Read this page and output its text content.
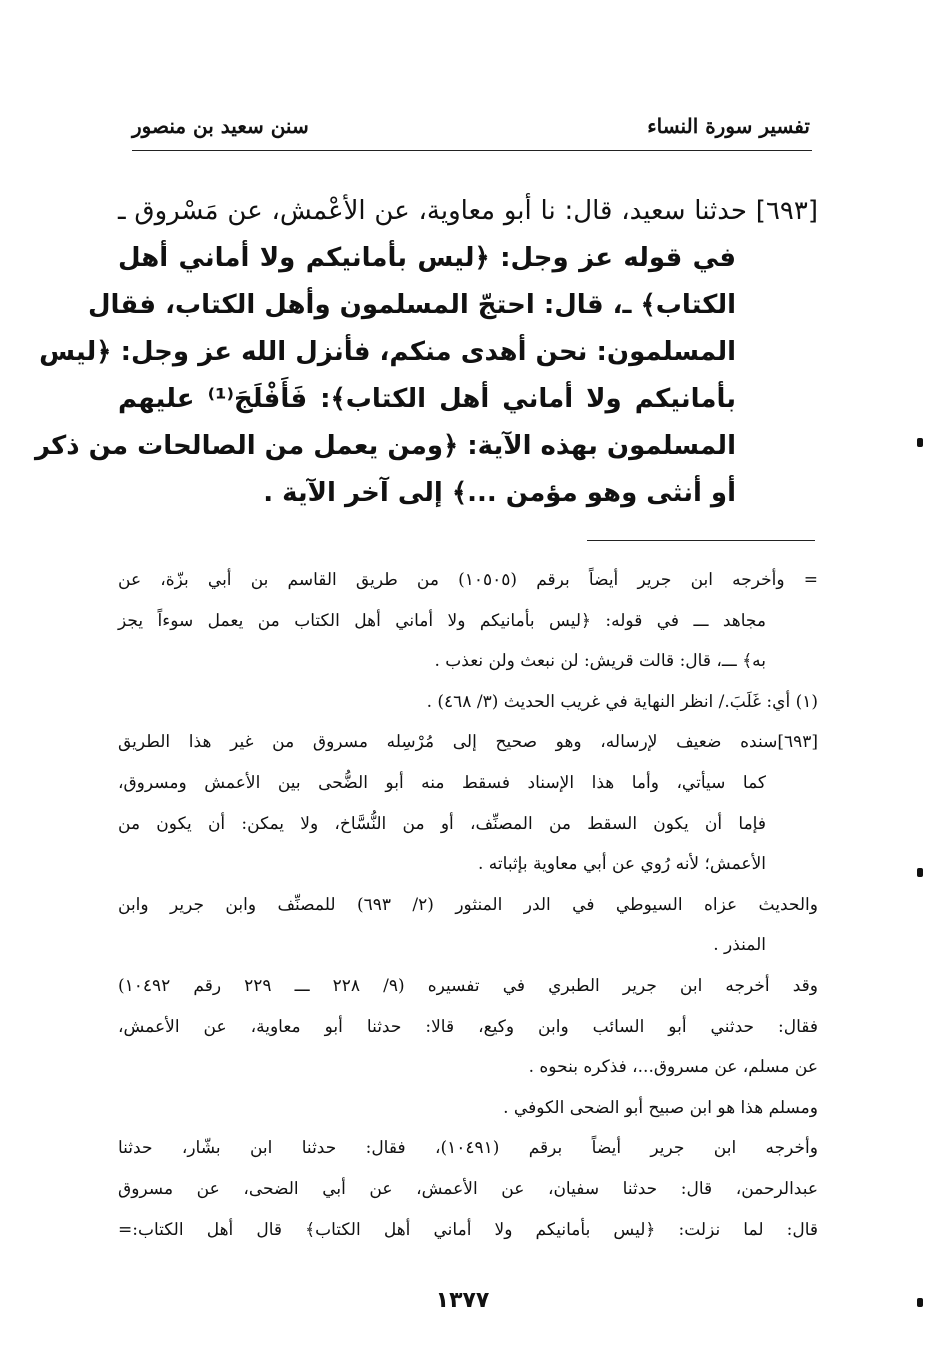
تفسير سورة النساء
سنن سعيد بن منصور
[٦٩٣] حدثنا سعيد، قال: نا أبو معاوية، عن الأعْمش، عن مَسْروق ـ
في قوله عز وجل: ﴿ليس بأمانيكم ولا أماني أهل
الكتاب﴾ ـ، قال: احتجّ المسلمون وأهل الكتاب، فقال
المسلمون: نحن أهدى منكم، فأنزل الله عز وجل: ﴿ليس
بأمانيكم ولا أماني أهل الكتاب﴾: فَأَفْلَجَ⁽¹⁾ عليهم
المسلمون بهذه الآية: ﴿ومن يعمل من الصالحات من ذكر
أو أنثى وهو مؤمن ...﴾ إلى آخر الآية .
= وأخرجه ابن جرير أيضاً برقم (١٠٥٠٥) من طريق القاسم بن أبي بزّة، عن
مجاهد ـــ في قوله: ﴿ليس بأمانيكم ولا أماني أهل الكتاب من يعمل سوءاً يجز
به﴾ ـــ، قال: قالت قريش: لن نبعث ولن نعذب .
(١) أي: غَلَبَ./ انظر النهاية في غريب الحديث (٣/ ٤٦٨) .
[٦٩٣]سنده ضعيف لإرساله، وهو صحيح إلى مُرْسِله مسروق من غير هذا الطريق
كما سيأتي، وأما هذا الإسناد فسقط منه أبو الضُّحى بين الأعمش ومسروق،
فإما أن يكون السقط من المصنِّف، أو من النُّسَّاخ، ولا يمكن: أن يكون من
الأعمش؛ لأنه رُوي عن أبي معاوية بإثباته .
والحديث عزاه السيوطي في الدر المنثور (٢/ ٦٩٣) للمصنِّف وابن جرير وابن
المنذر .
وقد أخرجه ابن جرير الطبري في تفسيره (٩/ ٢٢٨ ـــ ٢٢٩ رقم ١٠٤٩٢)
فقال: حدثني أبو السائب وابن وكيع، قالا: حدثنا أبو معاوية، عن الأعمش،
عن مسلم، عن مسروق...، فذكره بنحوه .
ومسلم هذا هو ابن صبيح أبو الضحى الكوفي .
وأخرجه ابن جرير أيضاً برقم (١٠٤٩١)، فقال: حدثنا ابن بشّار، حدثنا
عبدالرحمن، قال: حدثنا سفيان، عن الأعمش، عن أبي الضحى، عن مسروق
قال: لما نزلت: ﴿ليس بأمانيكم ولا أماني أهل الكتاب﴾ قال أهل الكتاب:=
١٣٧٧
